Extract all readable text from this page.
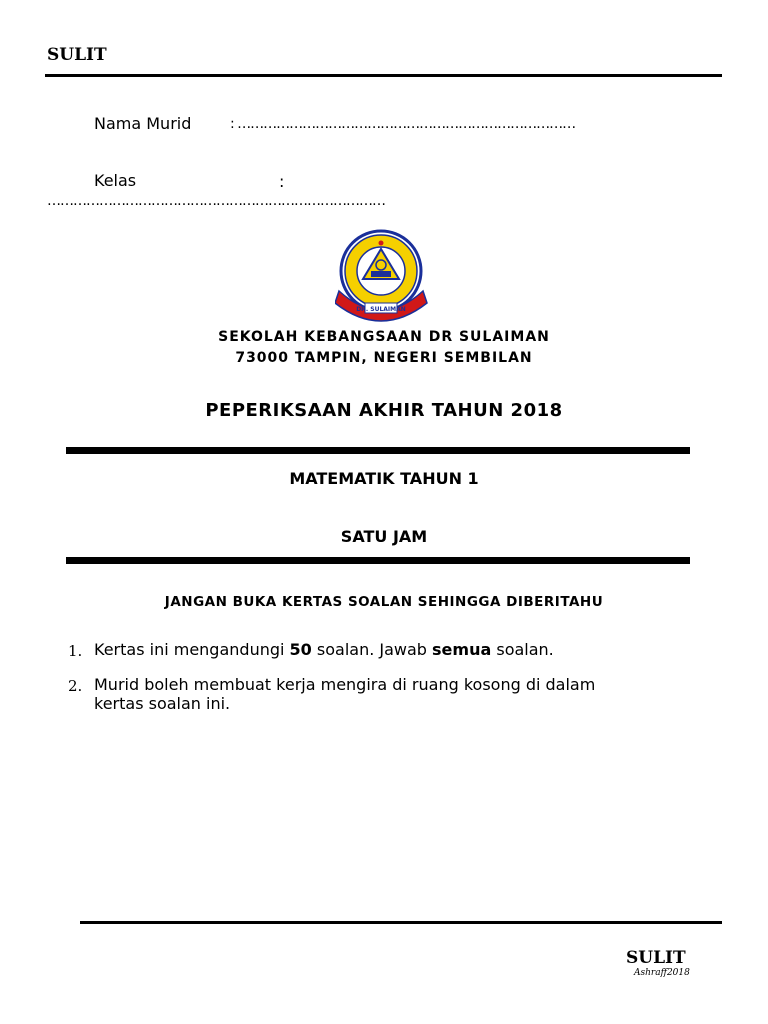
SULIT
Nama Murid	: ……………………………………………………………………
Kelas	:
……………………………………………………………………
DR. SULAIMAN
SEKOLAH KEBANGSAAN DR SULAIMAN
73000 TAMPIN, NEGERI SEMBILAN
PEPERIKSAAN AKHIR TAHUN 2018
MATEMATIK TAHUN 1
SATU JAM
JANGAN BUKA KERTAS SOALAN SEHINGGA DIBERITAHU
1. Kertas ini mengandungi 50 soalan. Jawab semua soalan.
2. Murid boleh membuat kerja mengira di ruang kosong di dalam
kertas soalan ini.
SULIT
Ashraff2018
